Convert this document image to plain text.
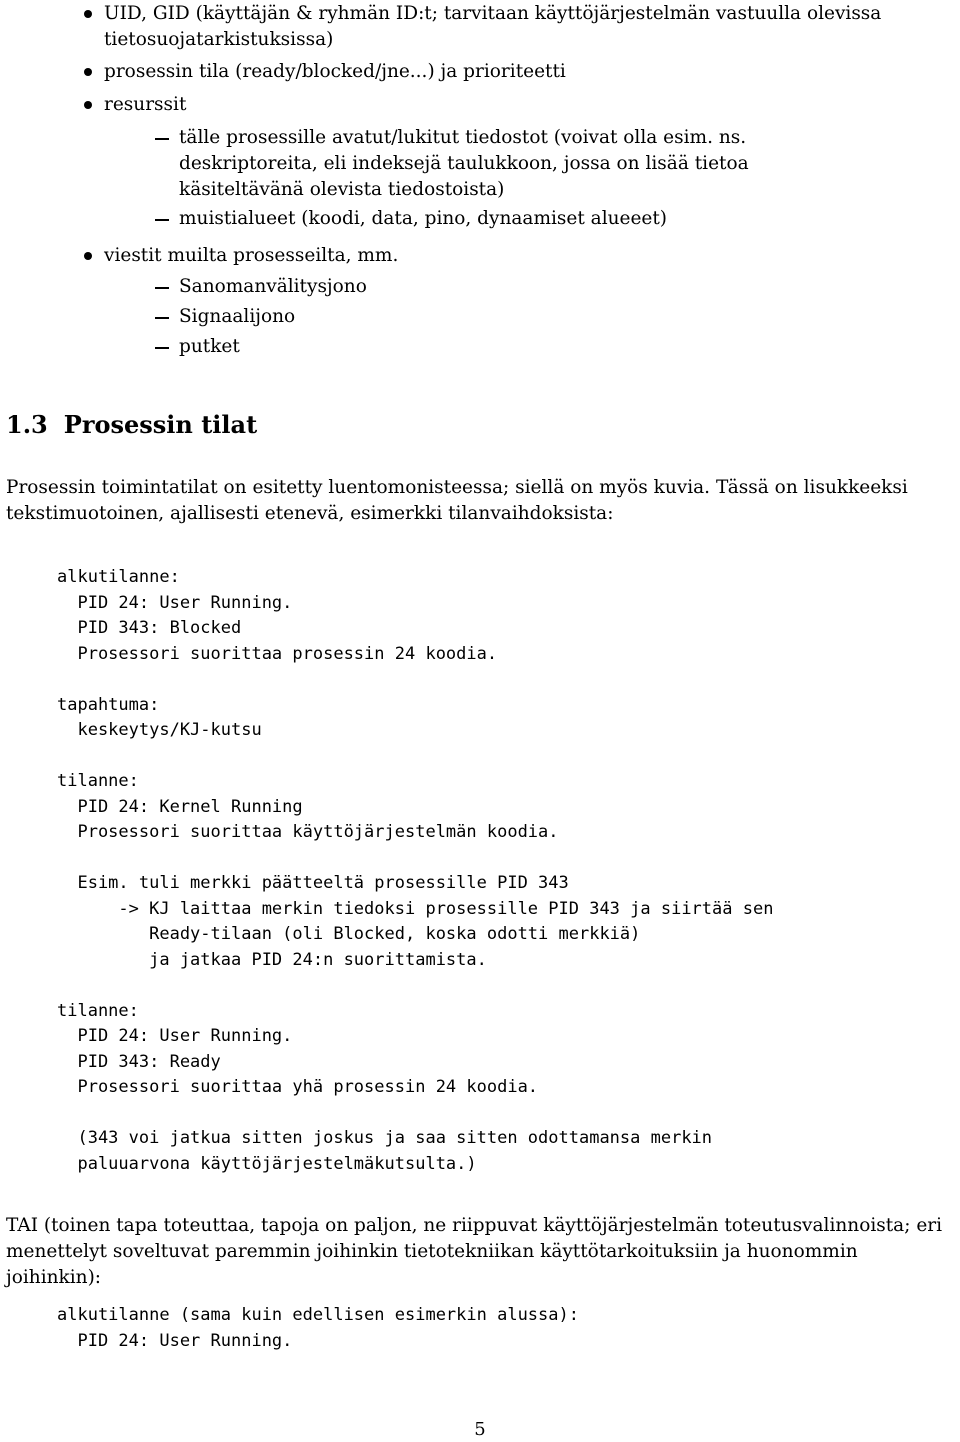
UID, GID (käyttäjän & ryhmän ID:t; tarvitaan käyttöjärjestelmän vastuulla olevissa tietosuojatarkistuksissa)
prosessin tila (ready/blocked/jne...) ja prioriteetti
resurssit
tälle prosessille avatut/lukitut tiedostot (voivat olla esim. ns. deskriptoreita, eli indeksejä taulukkoon, jossa on lisää tietoa käsiteltävänä olevista tiedostoista)
muistialueet (koodi, data, pino, dynaamiset alueeet)
viestit muilta prosesseilta, mm.
Sanomanvälitysjono
Signaalijono
putket
1.3 Prosessin tilat
Prosessin toimintatilat on esitetty luentomonisteessa; siellä on myös kuvia. Tässä on lisukkeeksi tekstimuotoinen, ajallisesti etenevä, esimerkki tilanvaihdoksista:
alkutilanne:
PID 24: User Running.
PID 343: Blocked
Prosessori suorittaa prosessin 24 koodia.

tapahtuma:
keskeytys/KJ-kutsu

tilanne:
PID 24: Kernel Running
Prosessori suorittaa käyttöjärjestelmän koodia.

Esim. tuli merkki päätteeltä prosessille PID 343
-> KJ laittaa merkin tiedoksi prosessille PID 343 ja siirtää sen
Ready-tilaan (oli Blocked, koska odotti merkkiä)
ja jatkaa PID 24:n suorittamista.

tilanne:
PID 24: User Running.
PID 343: Ready
Prosessori suorittaa yhä prosessin 24 koodia.

(343 voi jatkua sitten joskus ja saa sitten odottamansa merkin
paluuarvona käyttöjärjestelmäkutsulta.)
TAI (toinen tapa toteuttaa, tapoja on paljon, ne riippuvat käyttöjärjestelmän toteutusvalinnoista; eri menettelyt soveltuvat paremmin joihinkin tietotekniikan käyttötarkoituksiin ja huonommin joihinkin):
alkutilanne (sama kuin edellisen esimerkin alussa):
PID 24: User Running.
5
